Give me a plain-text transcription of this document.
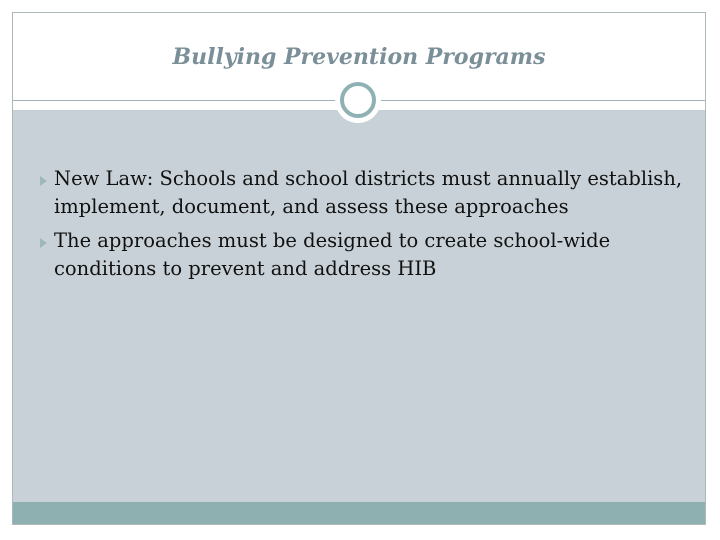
Bullying Prevention Programs
New Law: Schools and school districts must annually establish, implement, document, and assess these approaches
The approaches must be designed to create school-wide conditions to prevent and address HIB
